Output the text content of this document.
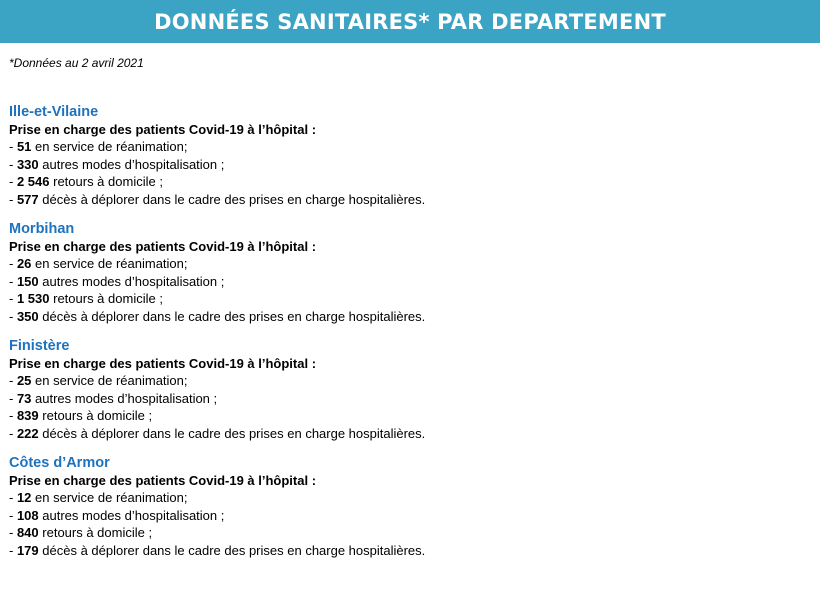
DONNÉES SANITAIRES* PAR DEPARTEMENT
*Données au 2 avril 2021
Ille-et-Vilaine
Prise en charge des patients Covid-19 à l’hôpital :
- 51 en service de réanimation;
- 330 autres modes d’hospitalisation ;
- 2 546 retours à domicile ;
- 577 décès à déplorer dans le cadre des prises en charge hospitalières.
Morbihan
Prise en charge des patients Covid-19 à l’hôpital :
- 26 en service de réanimation;
- 150 autres modes d’hospitalisation ;
- 1 530 retours à domicile ;
- 350 décès à déplorer dans le cadre des prises en charge hospitalières.
Finistère
Prise en charge des patients Covid-19 à l’hôpital :
- 25 en service de réanimation;
- 73 autres modes d’hospitalisation ;
- 839 retours à domicile ;
- 222 décès à déplorer dans le cadre des prises en charge hospitalières.
Côtes d’Armor
Prise en charge des patients Covid-19 à l’hôpital :
- 12 en service de réanimation;
- 108 autres modes d’hospitalisation ;
- 840 retours à domicile ;
- 179 décès à déplorer dans le cadre des prises en charge hospitalières.
